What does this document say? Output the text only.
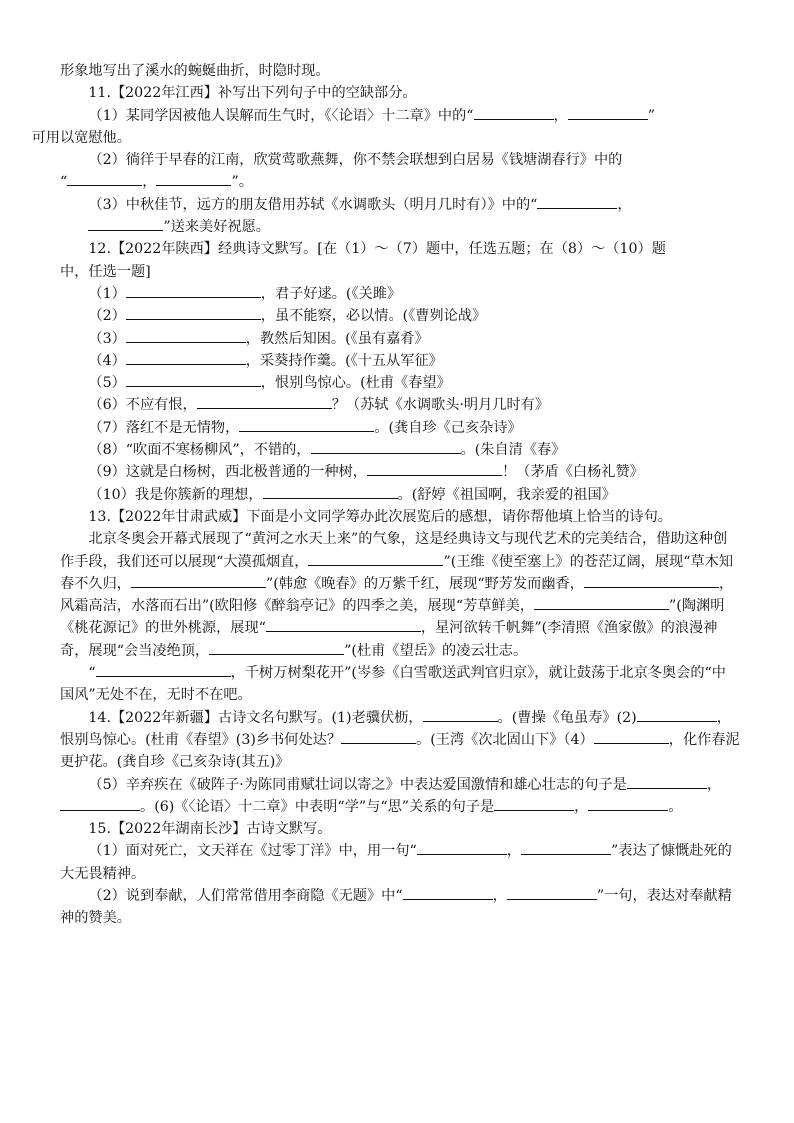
形象地写出了溪水的蜿蜒曲折，时隐时现。

11.【2022年江西】补写出下列句子中的空缺部分。

（1）某同学因被他人误解而生气时，《〈论语〉十二章》中的“	，	”
可用以宽慰他。

（2）徜徉于早春的江南，欣赏莺歌燕舞，你不禁会联想到白居易《钱塘湖春行》中的

“	，	”。

（3）中秋佳节，远方的朋友借用苏轼《水调歌头（明月几时有）》中的“	，

”送来美好祝愿。

12.【2022年陕西】经典诗文默写。[在（1）～（7）题中，任选五题；在（8）～（10）题

中，任选一题]

（1）	，君子好逑。(《关雎》

（2）	，虽不能察，必以情。(《曹刿论战》

（3）	，教然后知困。(《虽有嘉肴》

（4）	，采葵持作羹。(《十五从军征》

（5）	，恨别鸟惊心。(杜甫《春望》

（6）不应有恨，	？（苏轼《水调歌头·明月几时有》

（7）落红不是无情物，	。(龚自珍《己亥杂诗》

（8）“吹面不寒杨柳风”，不错的，	。(朱自清《春》

（9）这就是白杨树，西北极普通的一种树，	！（茅盾《白杨礼赞》

（10）我是你簇新的理想，	。(舒婷《祖国啊，我亲爱的祖国》

13.【2022年甘肃武威】下面是小文同学筹办此次展览后的感想，请你帮他填上恰当的诗句。

北京冬奥会开幕式展现了“黄河之水天上来”的气象，这是经典诗文与现代艺术的完美结合，借助这种创作手段，我们还可以展现“大漠孤烟直，	”(王维《使至塞上》的苍茫辽阔，展现“草木知春不久归，	”(韩愈《晚春》的万紫千红，展现“野芳发而幽香，	，风霜高洁，水落而石出”(欧阳修《醉翁亭记》的四季之美，展现“芳草鲜美，	”(陶渊明《桃花源记》的世外桃源，展现“	，星河欲转千帆舞”(李清照《渔家傲》的浪漫神奇，展现“会当凌绝顶，	”(杜甫《望岳》的凌云壮志。

“	，千树万树梨花开”(岑参《白雪歌送武判官归京》，就让鼓荡于北京冬奥会的“中国风”无处不在，无时不在吧。

14.【2022年新疆】古诗文名句默写。(1)老骥伏枥，	。(曹操《龟虽寿》(2)	，恨别鸟惊心。(杜甫《春望》(3)乡书何处达？	。(王湾《次北固山下》（4）	，化作春泥更护花。(龚自珍《己亥杂诗(其五)》

（5）辛弃疾在《破阵子·为陈同甫赋壮词以寄之》中表达爱国激情和雄心壮志的句子是	，。(6)《〈论语〉十二章》中表明“学”与“思”关系的句子是	，	。

15.【2022年湖南长沙】古诗文默写。

（1）面对死亡，文天祥在《过零丁洋》中，用一句“	，	”表达了慷慨赴死的大无畏精神。

（2）说到奉献，人们常常借用李商隐《无题》中“	，	”一句，表达对奉献精神的赞美。
